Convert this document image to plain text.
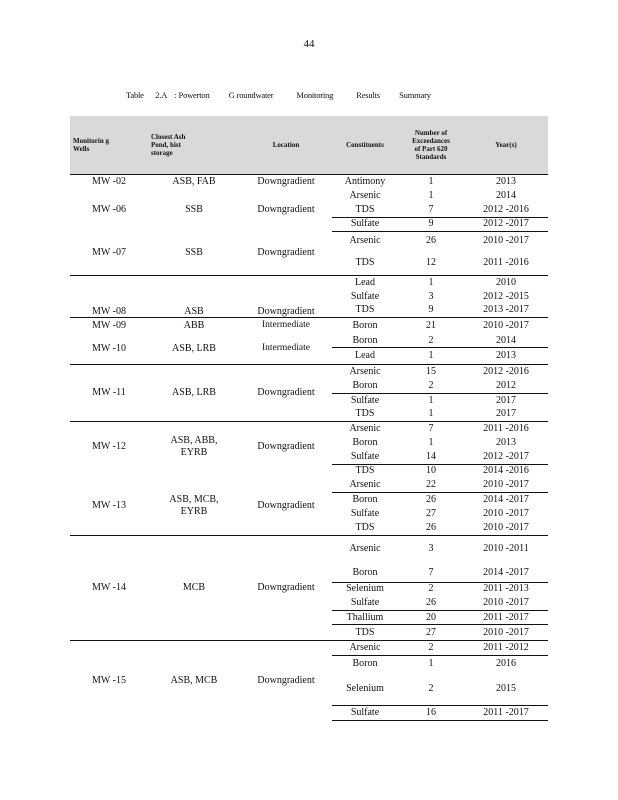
44
Table      2.A    : Powerton          G roundwater            Monitoring            Results          Summary
Monitorin g
Wells	Closest Ash
Pond, hist
storage	Location	Constituents	Number of
Exceedances
of Part 620
Standards	Year(s)
MW -02	ASB, FAB	Downgradient	Antimony	1	2013
MW -06	SSB	Downgradient	Arsenic	1	2014
			TDS	7	2012 -2016
			Sulfate	9	2012 -2017
MW -07	SSB	Downgradient	Arsenic	26	2010 -2017
			TDS	12	2011 -2016
MW -08	ASB	Downgradient	Lead	1	2010
			Sulfate	3	2012 -2015
			TDS	9	2013 -2017
MW -09	ABB	Intermediate	Boron	21	2010 -2017
MW -10	ASB, LRB	Intermediate	Boron	2	2014
			Lead	1	2013
MW -11	ASB, LRB	Downgradient	Arsenic	15	2012 -2016
			Boron	2	2012
			Sulfate	1	2017
			TDS	1	2017
MW -12	ASB, ABB,
EYRB	Downgradient	Arsenic	7	2011 -2016
			Boron	1	2013
			Sulfate	14	2012 -2017
			TDS	10	2014 -2016
MW -13	ASB, MCB,
EYRB	Downgradient	Arsenic	22	2010 -2017
			Boron	26	2014 -2017
			Sulfate	27	2010 -2017
			TDS	26	2010 -2017
MW -14	MCB	Downgradient	Arsenic	3	2010 -2011
			Boron	7	2014 -2017
			Selenium	2	2011 -2013
			Sulfate	26	2010 -2017
			Thallium	20	2011 -2017
			TDS	27	2010 -2017
MW -15	ASB, MCB	Downgradient	Arsenic	2	2011 -2012
			Boron	1	2016
			Selenium	2	2015
			Sulfate	16	2011 -2017
